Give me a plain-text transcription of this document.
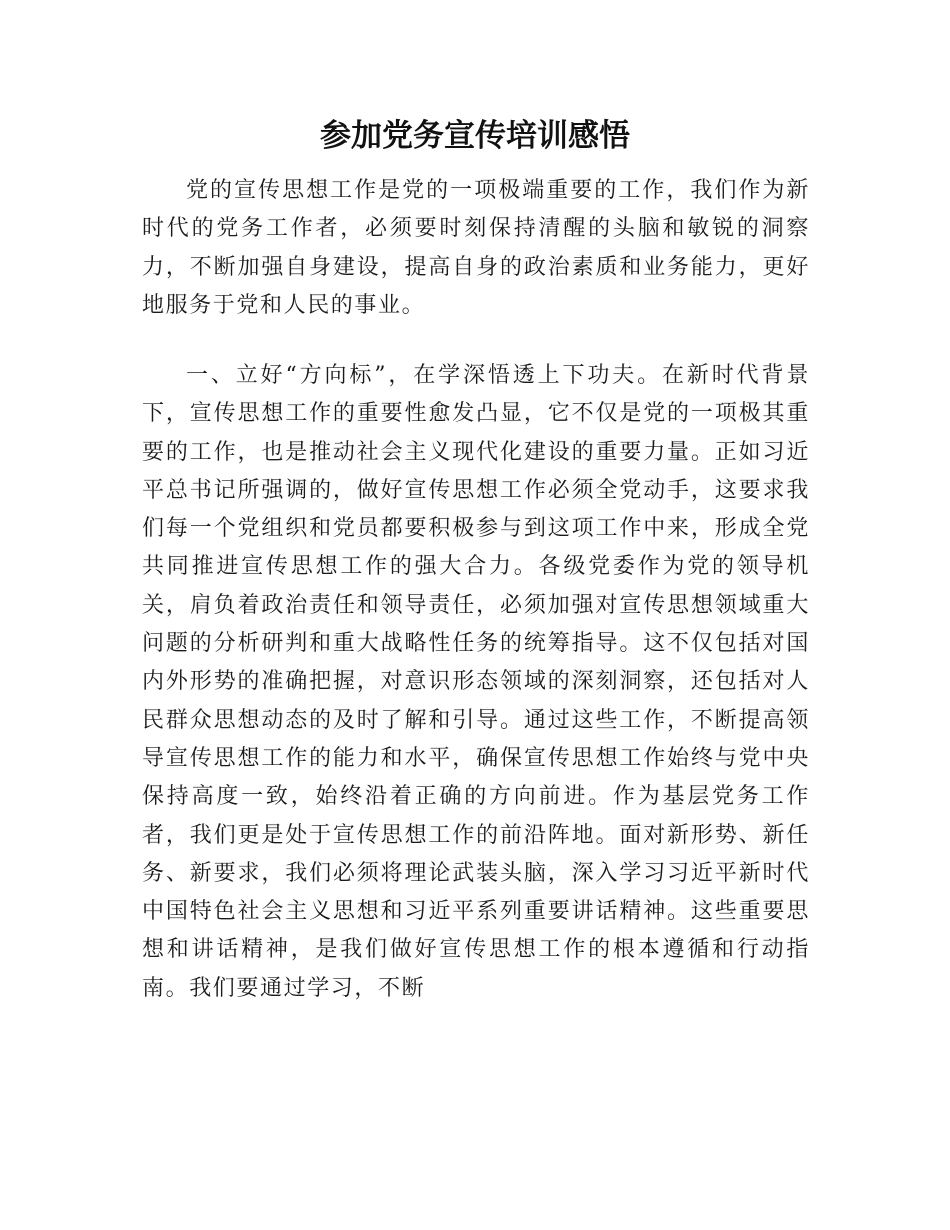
参加党务宣传培训感悟

党的宣传思想工作是党的一项极端重要的工作，我们作为新时代的党务工作者，必须要时刻保持清醒的头脑和敏锐的洞察力，不断加强自身建设，提高自身的政治素质和业务能力，更好地服务于党和人民的事业。

一、立好“方向标”，在学深悟透上下功夫。在新时代背景下，宣传思想工作的重要性愈发凸显，它不仅是党的一项极其重要的工作，也是推动社会主义现代化建设的重要力量。正如习近平总书记所强调的，做好宣传思想工作必须全党动手，这要求我们每一个党组织和党员都要积极参与到这项工作中来，形成全党共同推进宣传思想工作的强大合力。各级党委作为党的领导机关，肩负着政治责任和领导责任，必须加强对宣传思想领域重大问题的分析研判和重大战略性任务的统筹指导。这不仅包括对国内外形势的准确把握，对意识形态领域的深刻洞察，还包括对人民群众思想动态的及时了解和引导。通过这些工作，不断提高领导宣传思想工作的能力和水平，确保宣传思想工作始终与党中央保持高度一致，始终沿着正确的方向前进。作为基层党务工作者，我们更是处于宣传思想工作的前沿阵地。面对新形势、新任务、新要求，我们必须将理论武装头脑，深入学习习近平新时代中国特色社会主义思想和习近平系列重要讲话精神。这些重要思想和讲话精神，是我们做好宣传思想工作的根本遵循和行动指南。我们要通过学习，不断
